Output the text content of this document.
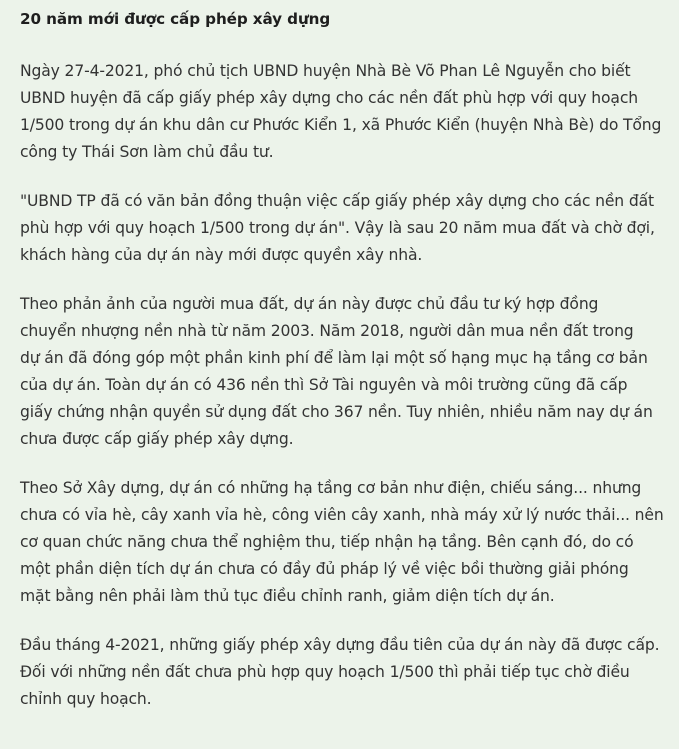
20 năm mới được cấp phép xây dựng

Ngày 27-4-2021, phó chủ tịch UBND huyện Nhà Bè Võ Phan Lê Nguyễn cho biết
UBND huyện đã cấp giấy phép xây dựng cho các nền đất phù hợp với quy hoạch
1/500 trong dự án khu dân cư Phước Kiển 1, xã Phước Kiển (huyện Nhà Bè) do Tổng
công ty Thái Sơn làm chủ đầu tư.

"UBND TP đã có văn bản đồng thuận việc cấp giấy phép xây dựng cho các nền đất
phù hợp với quy hoạch 1/500 trong dự án". Vậy là sau 20 năm mua đất và chờ đợi,
khách hàng của dự án này mới được quyền xây nhà.

Theo phản ảnh của người mua đất, dự án này được chủ đầu tư ký hợp đồng
chuyển nhượng nền nhà từ năm 2003. Năm 2018, người dân mua nền đất trong
dự án đã đóng góp một phần kinh phí để làm lại một số hạng mục hạ tầng cơ bản
của dự án. Toàn dự án có 436 nền thì Sở Tài nguyên và môi trường cũng đã cấp
giấy chứng nhận quyền sử dụng đất cho 367 nền. Tuy nhiên, nhiều năm nay dự án
chưa được cấp giấy phép xây dựng.

Theo Sở Xây dựng, dự án có những hạ tầng cơ bản như điện, chiếu sáng... nhưng
chưa có vỉa hè, cây xanh vỉa hè, công viên cây xanh, nhà máy xử lý nước thải... nên
cơ quan chức năng chưa thể nghiệm thu, tiếp nhận hạ tầng. Bên cạnh đó, do có
một phần diện tích dự án chưa có đầy đủ pháp lý về việc bồi thường giải phóng
mặt bằng nên phải làm thủ tục điều chỉnh ranh, giảm diện tích dự án.

Đầu tháng 4-2021, những giấy phép xây dựng đầu tiên của dự án này đã được cấp.
Đối với những nền đất chưa phù hợp quy hoạch 1/500 thì phải tiếp tục chờ điều
chỉnh quy hoạch.
